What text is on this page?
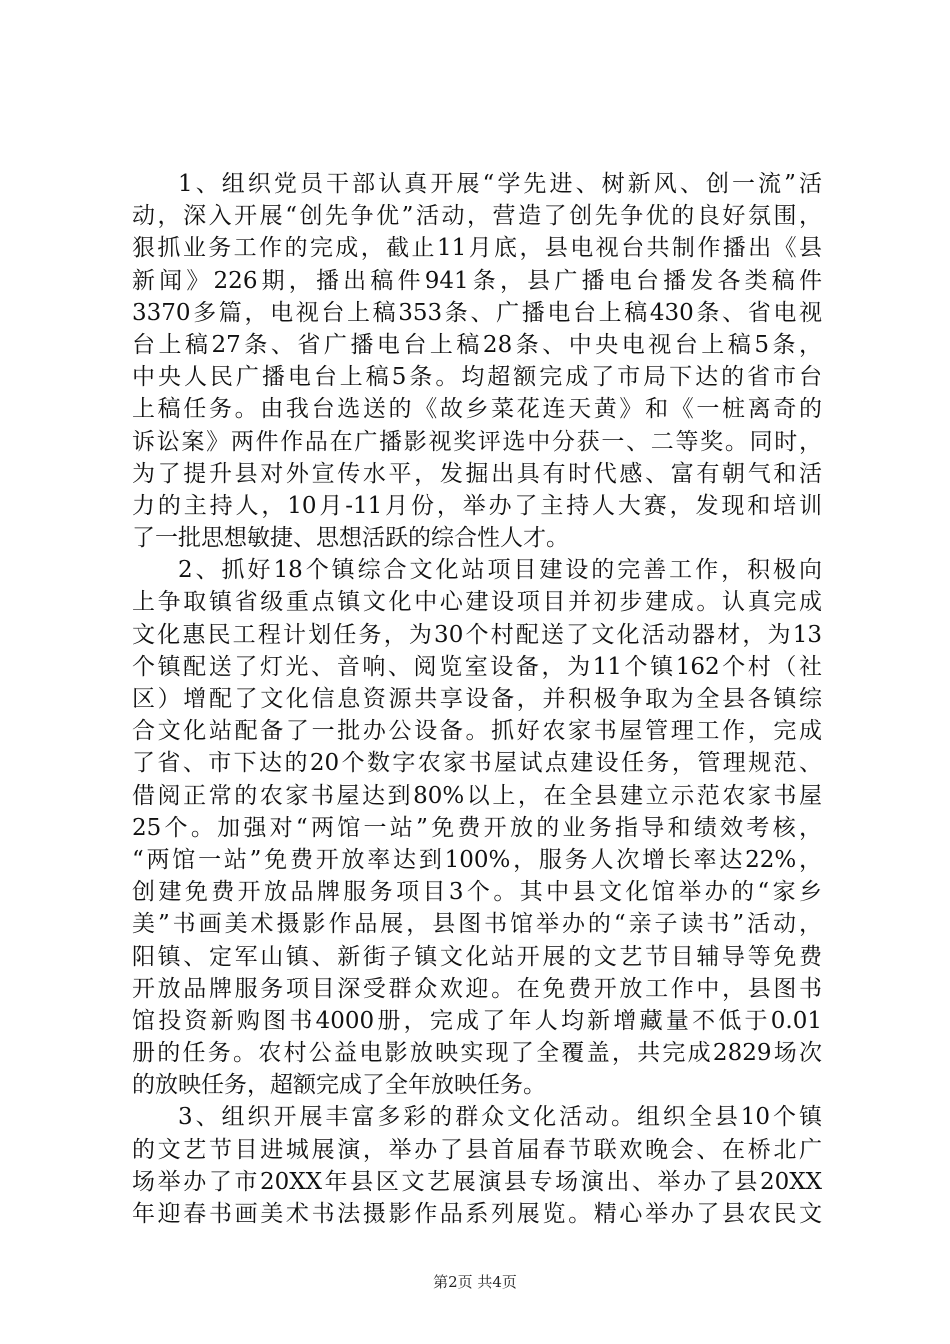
1、组织党员干部认真开展“学先进、树新风、创一流”活
动，深入开展“创先争优”活动，营造了创先争优的良好氛围，
狠抓业务工作的完成，截止11月底，县电视台共制作播出《县
新闻》226期，播出稿件941条，县广播电台播发各类稿件
3370多篇，电视台上稿353条、广播电台上稿430条、省电视
台上稿27条、省广播电台上稿28条、中央电视台上稿5条，
中央人民广播电台上稿5条。均超额完成了市局下达的省市台
上稿任务。由我台选送的《故乡菜花连天黄》和《一桩离奇的
诉讼案》两件作品在广播影视奖评选中分获一、二等奖。同时，
为了提升县对外宣传水平，发掘出具有时代感、富有朝气和活
力的主持人，10月-11月份，举办了主持人大赛，发现和培训
了一批思想敏捷、思想活跃的综合性人才。
2、抓好18个镇综合文化站项目建设的完善工作，积极向
上争取镇省级重点镇文化中心建设项目并初步建成。认真完成
文化惠民工程计划任务，为30个村配送了文化活动器材，为13
个镇配送了灯光、音响、阅览室设备，为11个镇162个村（社
区）增配了文化信息资源共享设备，并积极争取为全县各镇综
合文化站配备了一批办公设备。抓好农家书屋管理工作，完成
了省、市下达的20个数字农家书屋试点建设任务，管理规范、
借阅正常的农家书屋达到80%以上，在全县建立示范农家书屋
25个。加强对“两馆一站”免费开放的业务指导和绩效考核，
“两馆一站”免费开放率达到100%，服务人次增长率达22%，
创建免费开放品牌服务项目3个。其中县文化馆举办的“家乡
美”书画美术摄影作品展，县图书馆举办的“亲子读书”活动，
阳镇、定军山镇、新街子镇文化站开展的文艺节目辅导等免费
开放品牌服务项目深受群众欢迎。在免费开放工作中，县图书
馆投资新购图书4000册，完成了年人均新增藏量不低于0.01
册的任务。农村公益电影放映实现了全覆盖，共完成2829场次
的放映任务，超额完成了全年放映任务。
3、组织开展丰富多彩的群众文化活动。组织全县10个镇
的文艺节目进城展演，举办了县首届春节联欢晚会、在桥北广
场举办了市20XX年县区文艺展演县专场演出、举办了县20XX
年迎春书画美术书法摄影作品系列展览。精心举办了县农民文
第2页 共4页
